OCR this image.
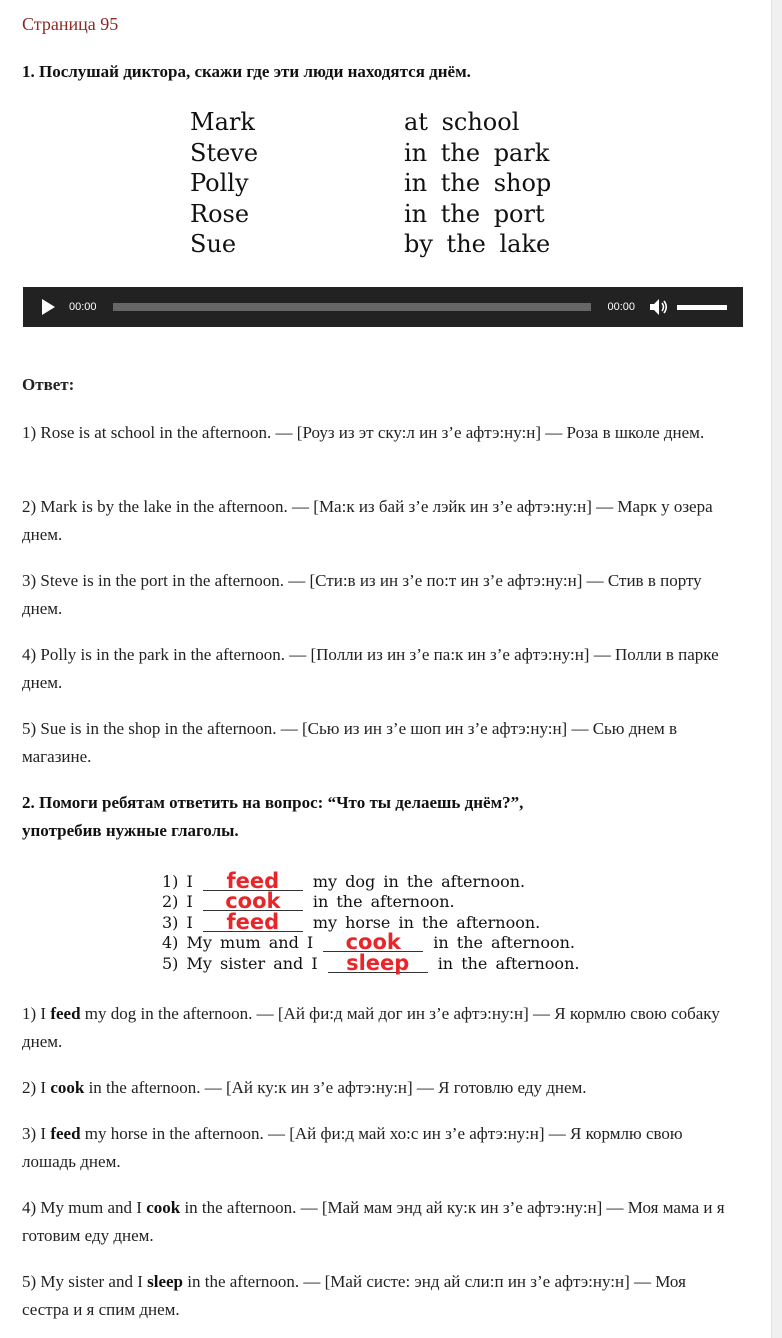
Страница 95
1. Послушай диктора, скажи где эти люди находятся днём.
Mark	at school
Steve	in the park
Polly	in the shop
Rose	in the port
Sue	by the lake
00:00	00:00
Ответ:
1) Rose is at school in the afternoon. — [Роуз из эт ску:л ин з’е афтэ:ну:н] — Роза в школе днем.
2) Mark is by the lake in the afternoon. — [Ма:к из бай з’е лэйк ин з’е афтэ:ну:н] — Марк у озера днем.
3) Steve is in the port in the afternoon. — [Сти:в из ин з’е по:т ин з’е афтэ:ну:н] — Стив в порту днем.
4) Polly is in the park in the afternoon. — [Полли из ин з’е па:к ин з’е афтэ:ну:н] — Полли в парке днем.
5) Sue is in the shop in the afternoon. — [Сью из ин з’е шоп ин з’е афтэ:ну:н] — Сью днем в магазине.
2. Помоги ребятам ответить на вопрос: “Что ты делаешь днём?”,
употребив нужные глаголы.
1) I	feed	my dog in the afternoon.
2) I	cook	in the afternoon.
3) I	feed	my horse in the afternoon.
4) My mum and I	cook	in the afternoon.
5) My sister and I	sleep	in the afternoon.
1) I feed my dog in the afternoon. — [Ай фи:д май дог ин з’е афтэ:ну:н] — Я кормлю свою собаку днем.
2) I cook in the afternoon. — [Ай ку:к ин з’е афтэ:ну:н] — Я готовлю еду днем.
3) I feed my horse in the afternoon. — [Ай фи:д май хо:с ин з’е афтэ:ну:н] — Я кормлю свою лошадь днем.
4) My mum and I cook in the afternoon. — [Май мам энд ай ку:к ин з’е афтэ:ну:н] — Моя мама и я готовим еду днем.
5) My sister and I sleep in the afternoon. — [Май систе: энд ай сли:п ин з’е афтэ:ну:н] — Моя сестра и я спим днем.
